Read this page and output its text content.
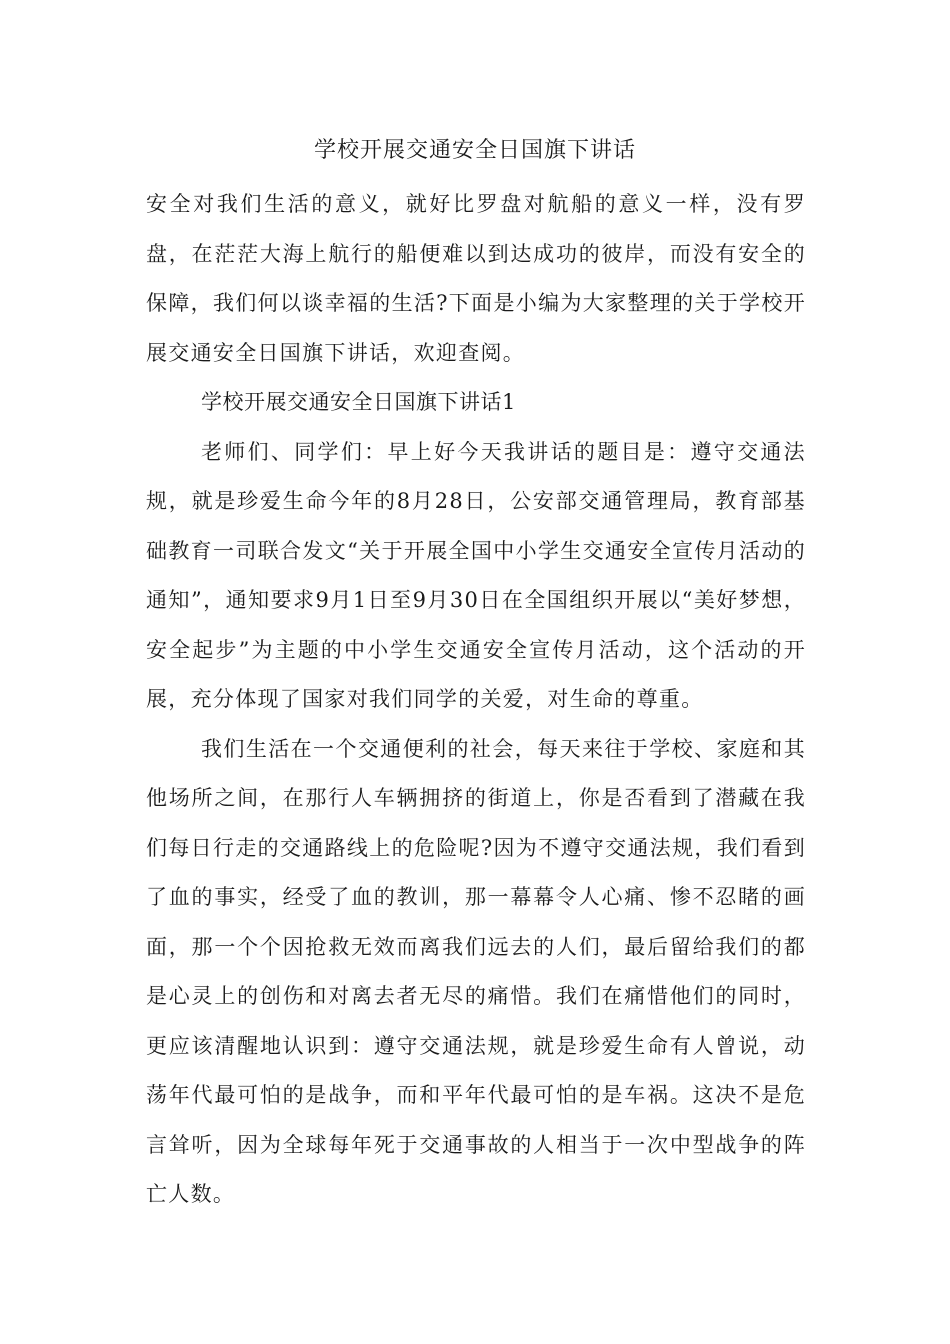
学校开展交通安全日国旗下讲话

安全对我们生活的意义，就好比罗盘对航船的意义一样，没有罗盘，在茫茫大海上航行的船便难以到达成功的彼岸，而没有安全的保障，我们何以谈幸福的生活?下面是小编为大家整理的关于学校开展交通安全日国旗下讲话，欢迎查阅。

学校开展交通安全日国旗下讲话1

老师们、同学们：早上好今天我讲话的题目是：遵守交通法规，就是珍爱生命今年的8月28日，公安部交通管理局，教育部基础教育一司联合发文“关于开展全国中小学生交通安全宣传月活动的通知”，通知要求9月1日至9月30日在全国组织开展以“美好梦想，安全起步”为主题的中小学生交通安全宣传月活动，这个活动的开展，充分体现了国家对我们同学的关爱，对生命的尊重。

我们生活在一个交通便利的社会，每天来往于学校、家庭和其他场所之间，在那行人车辆拥挤的街道上，你是否看到了潜藏在我们每日行走的交通路线上的危险呢?因为不遵守交通法规，我们看到了血的事实，经受了血的教训，那一幕幕令人心痛、惨不忍睹的画面，那一个个因抢救无效而离我们远去的人们，最后留给我们的都是心灵上的创伤和对离去者无尽的痛惜。我们在痛惜他们的同时，更应该清醒地认识到：遵守交通法规，就是珍爱生命有人曾说，动荡年代最可怕的是战争，而和平年代最可怕的是车祸。这决不是危言耸听，因为全球每年死于交通事故的人相当于一次中型战争的阵亡人数。
